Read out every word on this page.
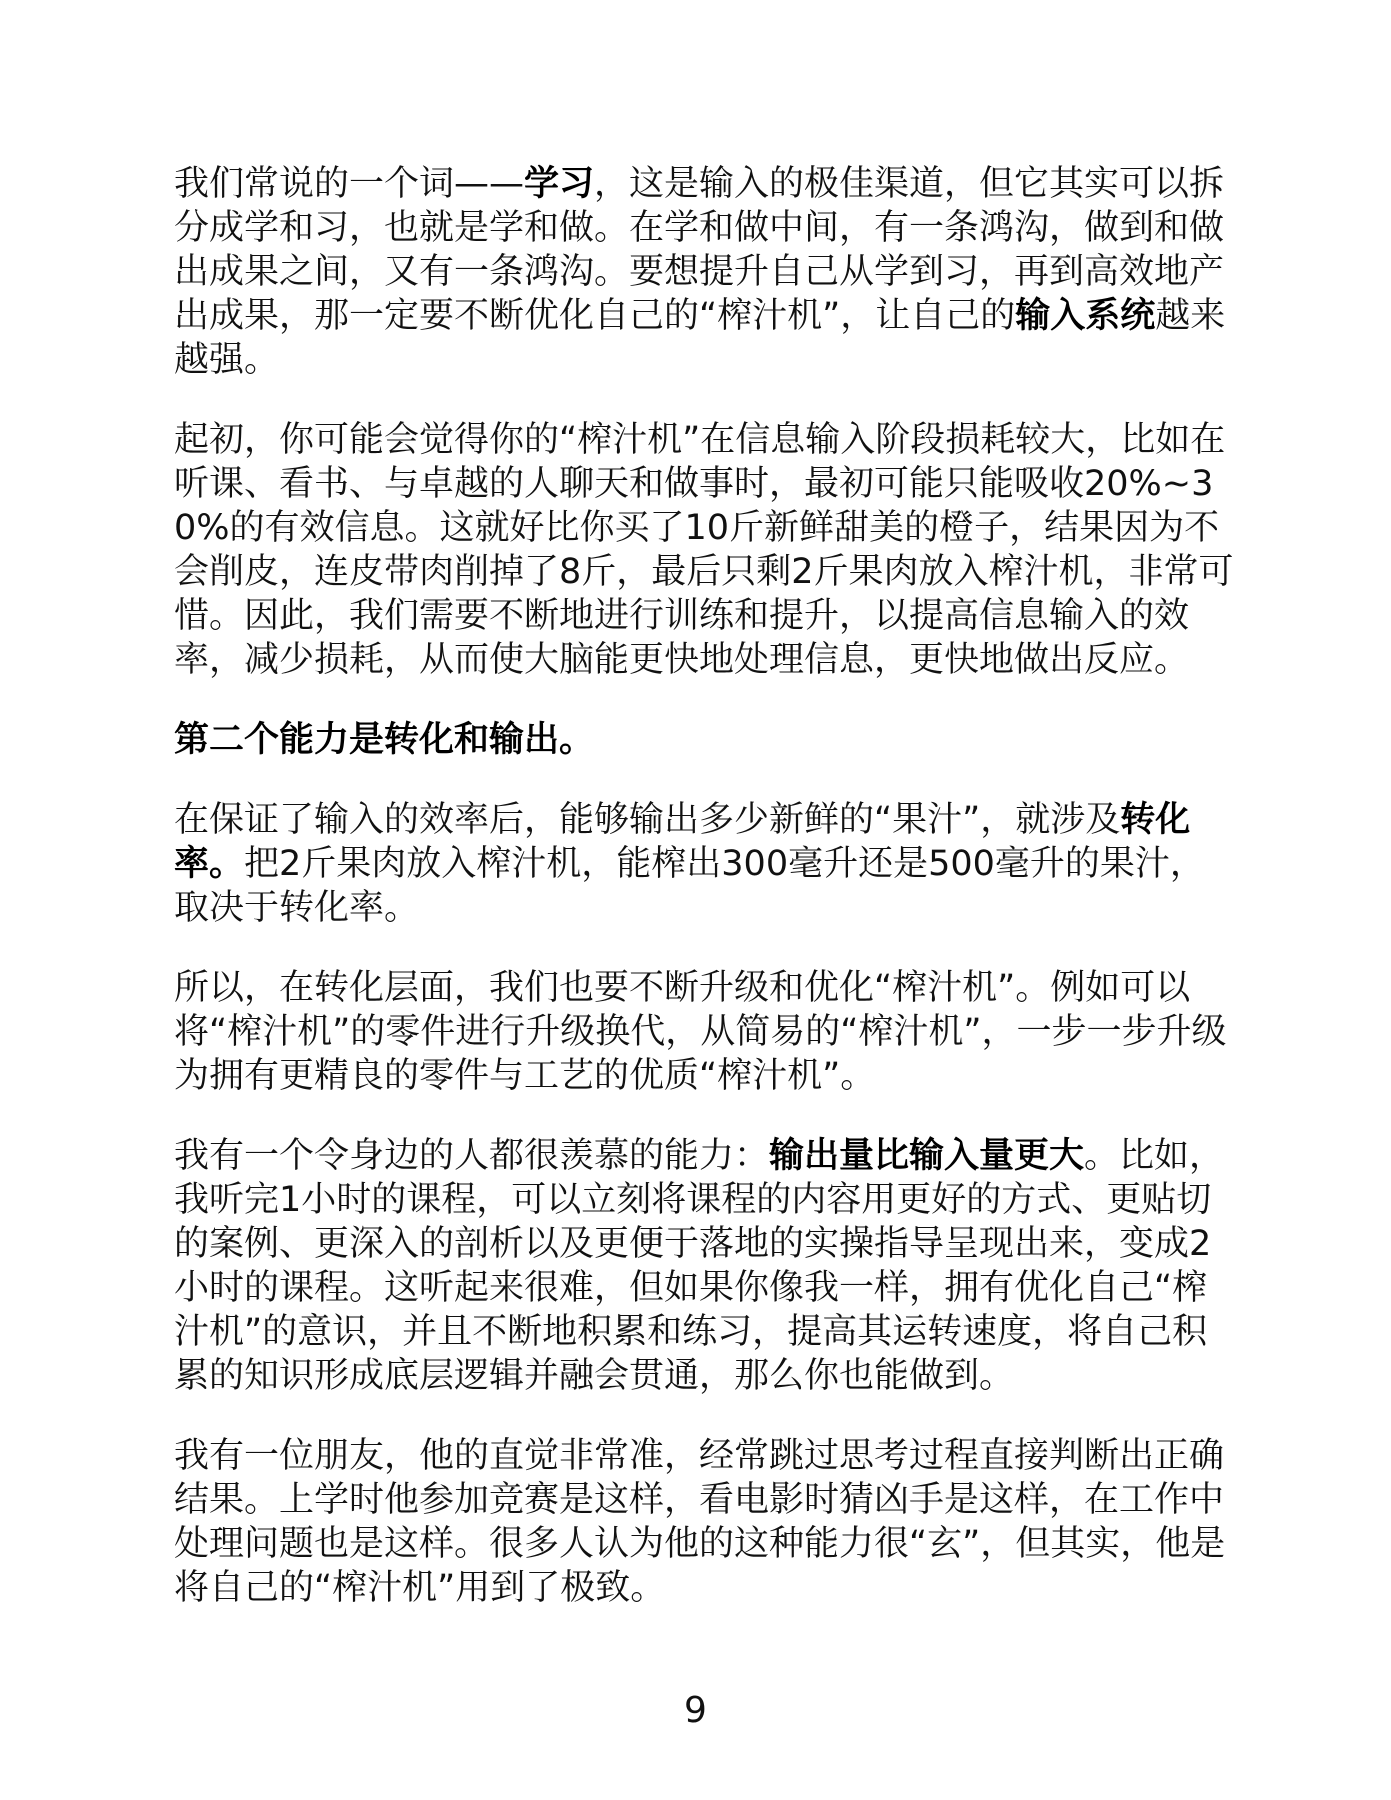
我们常说的一个词——学习，这是输入的极佳渠道，但它其实可以拆分成学和习，也就是学和做。在学和做中间，有一条鸿沟，做到和做出成果之间，又有一条鸿沟。要想提升自己从学到习，再到高效地产出成果，那一定要不断优化自己的“榨汁机”，让自己的输入系统越来越强。

起初，你可能会觉得你的“榨汁机”在信息输入阶段损耗较大，比如在听课、看书、与卓越的人聊天和做事时，最初可能只能吸收20%~30%的有效信息。这就好比你买了10斤新鲜甜美的橙子，结果因为不会削皮，连皮带肉削掉了8斤，最后只剩2斤果肉放入榨汁机，非常可惜。因此，我们需要不断地进行训练和提升，以提高信息输入的效率，减少损耗，从而使大脑能更快地处理信息，更快地做出反应。

第二个能力是转化和输出。

在保证了输入的效率后，能够输出多少新鲜的“果汁”，就涉及转化率。把2斤果肉放入榨汁机，能榨出300毫升还是500毫升的果汁，取决于转化率。

所以，在转化层面，我们也要不断升级和优化“榨汁机”。例如可以将“榨汁机”的零件进行升级换代，从简易的“榨汁机”，一步一步升级为拥有更精良的零件与工艺的优质“榨汁机”。

我有一个令身边的人都很羡慕的能力：输出量比输入量更大。比如，我听完1小时的课程，可以立刻将课程的内容用更好的方式、更贴切的案例、更深入的剖析以及更便于落地的实操指导呈现出来，变成2小时的课程。这听起来很难，但如果你像我一样，拥有优化自己“榨汁机”的意识，并且不断地积累和练习，提高其运转速度，将自己积累的知识形成底层逻辑并融会贯通，那么你也能做到。

我有一位朋友，他的直觉非常准，经常跳过思考过程直接判断出正确结果。上学时他参加竞赛是这样，看电影时猜凶手是这样，在工作中处理问题也是这样。很多人认为他的这种能力很“玄”，但其实，他是将自己的“榨汁机”用到了极致。

9
